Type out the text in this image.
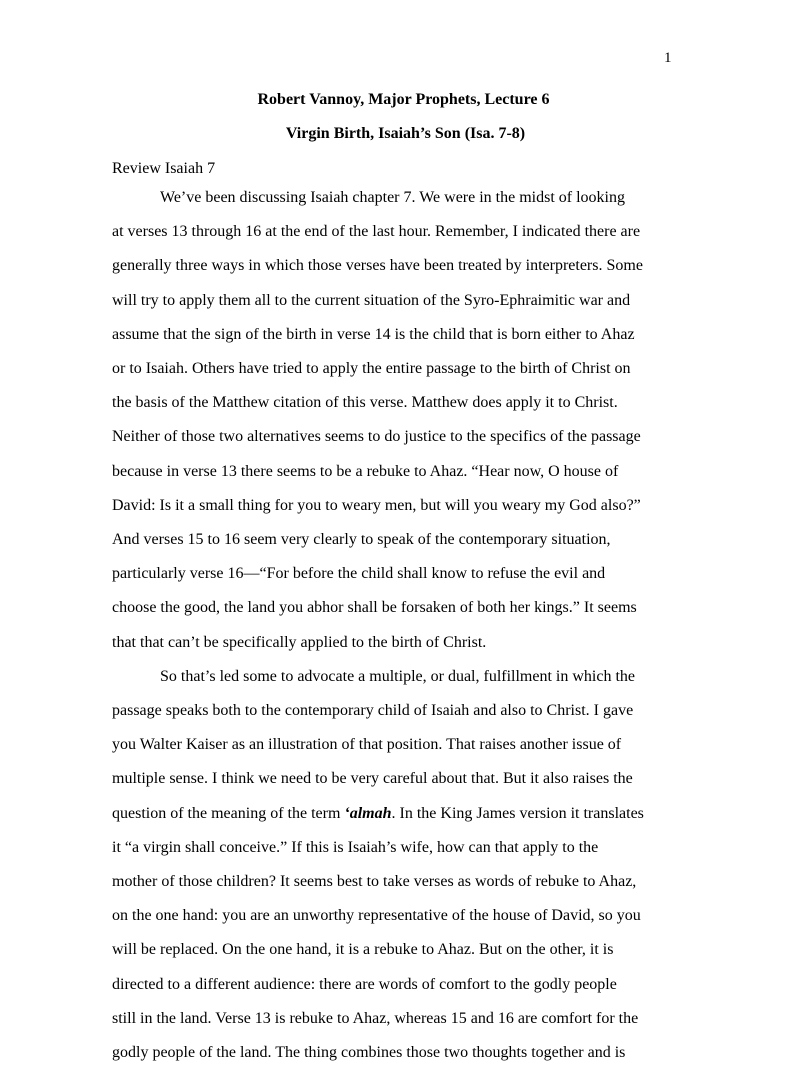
1
Robert Vannoy, Major Prophets, Lecture 6
Virgin Birth, Isaiah’s Son (Isa. 7-8)
Review Isaiah 7

We’ve been discussing Isaiah chapter 7. We were in the midst of looking
at verses 13 through 16 at the end of the last hour. Remember, I indicated there are
generally three ways in which those verses have been treated by interpreters. Some
will try to apply them all to the current situation of the Syro-Ephraimitic war and
assume that the sign of the birth in verse 14 is the child that is born either to Ahaz
or to Isaiah. Others have tried to apply the entire passage to the birth of Christ on
the basis of the Matthew citation of this verse. Matthew does apply it to Christ.
Neither of those two alternatives seems to do justice to the specifics of the passage
because in verse 13 there seems to be a rebuke to Ahaz. “Hear now, O house of
David: Is it a small thing for you to weary men, but will you weary my God also?”
And verses 15 to 16 seem very clearly to speak of the contemporary situation,
particularly verse 16—“For before the child shall know to refuse the evil and
choose the good, the land you abhor shall be forsaken of both her kings.” It seems
that that can’t be specifically applied to the birth of Christ.

So that’s led some to advocate a multiple, or dual, fulfillment in which the
passage speaks both to the contemporary child of Isaiah and also to Christ. I gave
you Walter Kaiser as an illustration of that position. That raises another issue of
multiple sense. I think we need to be very careful about that. But it also raises the
question of the meaning of the term ‘almah. In the King James version it translates
it “a virgin shall conceive.” If this is Isaiah’s wife, how can that apply to the
mother of those children? It seems best to take verses as words of rebuke to Ahaz,
on the one hand: you are an unworthy representative of the house of David, so you
will be replaced. On the one hand, it is a rebuke to Ahaz. But on the other, it is
directed to a different audience: there are words of comfort to the godly people
still in the land. Verse 13 is rebuke to Ahaz, whereas 15 and 16 are comfort for the
godly people of the land. The thing combines those two thoughts together and is
